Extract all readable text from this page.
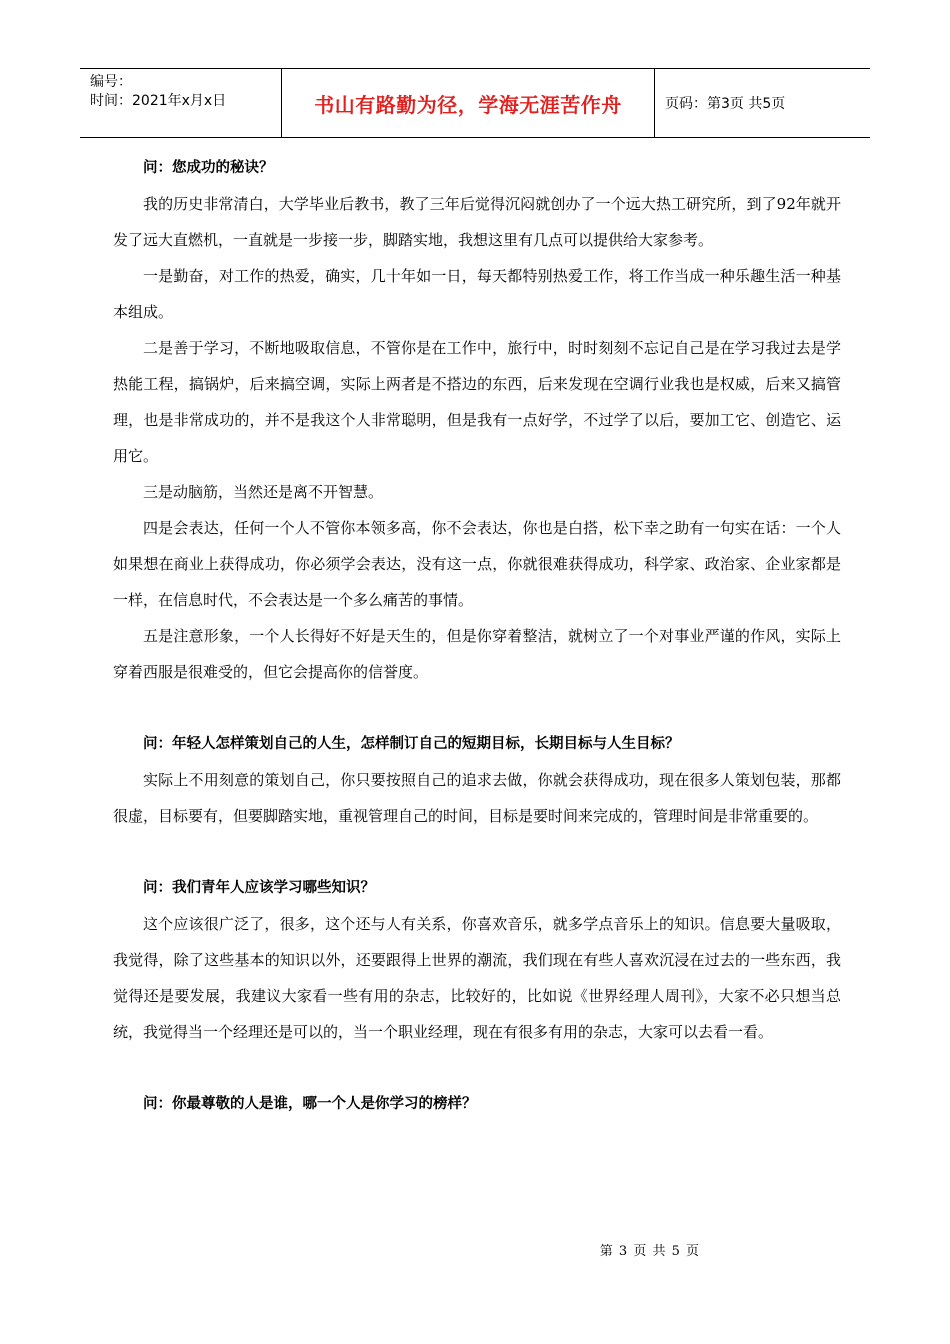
编号：
时间：2021年x月x日	书山有路勤为径，学海无涯苦作舟	页码：第3页 共5页

问：您成功的秘诀？

我的历史非常清白，大学毕业后教书，教了三年后觉得沉闷就创办了一个远大热工研究所，到了92年就开发了远大直燃机，一直就是一步接一步，脚踏实地，我想这里有几点可以提供给大家参考。

一是勤奋，对工作的热爱，确实，几十年如一日，每天都特别热爱工作，将工作当成一种乐趣生活一种基本组成。

二是善于学习，不断地吸取信息，不管你是在工作中，旅行中，时时刻刻不忘记自己是在学习我过去是学热能工程，搞锅炉，后来搞空调，实际上两者是不搭边的东西，后来发现在空调行业我也是权威，后来又搞管理，也是非常成功的，并不是我这个人非常聪明，但是我有一点好学，不过学了以后，要加工它、创造它、运用它。

三是动脑筋，当然还是离不开智慧。

四是会表达，任何一个人不管你本领多高，你不会表达，你也是白搭，松下幸之助有一句实在话：一个人如果想在商业上获得成功，你必须学会表达，没有这一点，你就很难获得成功，科学家、政治家、企业家都是一样，在信息时代，不会表达是一个多么痛苦的事情。

五是注意形象，一个人长得好不好是天生的，但是你穿着整洁，就树立了一个对事业严谨的作风，实际上穿着西服是很难受的，但它会提高你的信誉度。

问：年轻人怎样策划自己的人生，怎样制订自己的短期目标，长期目标与人生目标？

实际上不用刻意的策划自己，你只要按照自己的追求去做，你就会获得成功，现在很多人策划包装，那都很虚，目标要有，但要脚踏实地，重视管理自己的时间，目标是要时间来完成的，管理时间是非常重要的。

问：我们青年人应该学习哪些知识？

这个应该很广泛了，很多，这个还与人有关系，你喜欢音乐，就多学点音乐上的知识。信息要大量吸取，我觉得，除了这些基本的知识以外，还要跟得上世界的潮流，我们现在有些人喜欢沉浸在过去的一些东西，我觉得还是要发展，我建议大家看一些有用的杂志，比较好的，比如说《世界经理人周刊》，大家不必只想当总统，我觉得当一个经理还是可以的，当一个职业经理，现在有很多有用的杂志，大家可以去看一看。

问：你最尊敬的人是谁，哪一个人是你学习的榜样？

第 3 页 共 5 页
